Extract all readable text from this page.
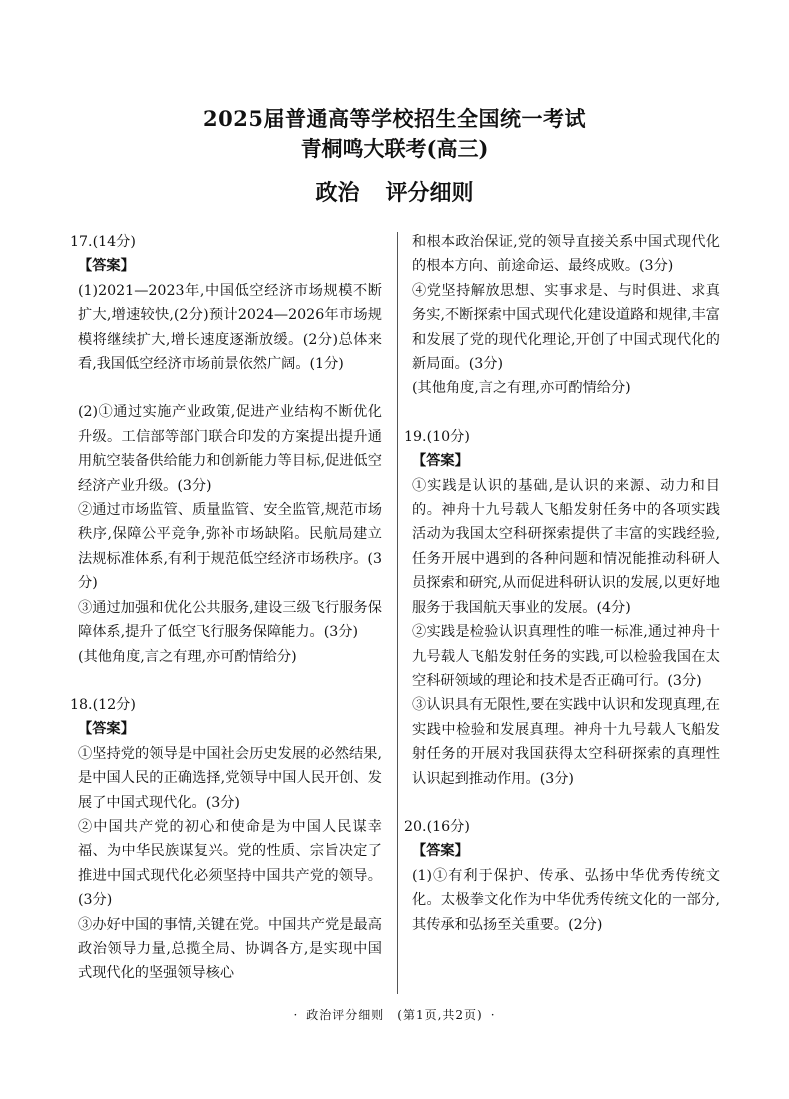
2025届普通高等学校招生全国统一考试
青桐鸣大联考(高三)
政治 评分细则
17.(14分)
【答案】
(1)2021—2023年,中国低空经济市场规模不断扩大,增速较快,(2分)预计2024—2026年市场规模将继续扩大,增长速度逐渐放缓。(2分)总体来看,我国低空经济市场前景依然广阔。(1分)
(2)①通过实施产业政策,促进产业结构不断优化升级。工信部等部门联合印发的方案提出提升通用航空装备供给能力和创新能力等目标,促进低空经济产业升级。(3分)
②通过市场监管、质量监管、安全监管,规范市场秩序,保障公平竞争,弥补市场缺陷。民航局建立法规标准体系,有利于规范低空经济市场秩序。(3分)
③通过加强和优化公共服务,建设三级飞行服务保障体系,提升了低空飞行服务保障能力。(3分)
(其他角度,言之有理,亦可酌情给分)
18.(12分)
【答案】
①坚持党的领导是中国社会历史发展的必然结果,是中国人民的正确选择,党领导中国人民开创、发展了中国式现代化。(3分)
②中国共产党的初心和使命是为中国人民谋幸福、为中华民族谋复兴。党的性质、宗旨决定了推进中国式现代化必须坚持中国共产党的领导。(3分)
③办好中国的事情,关键在党。中国共产党是最高政治领导力量,总揽全局、协调各方,是实现中国式现代化的坚强领导核心
和根本政治保证,党的领导直接关系中国式现代化的根本方向、前途命运、最终成败。(3分)
④党坚持解放思想、实事求是、与时俱进、求真务实,不断探索中国式现代化建设道路和规律,丰富和发展了党的现代化理论,开创了中国式现代化的新局面。(3分)
(其他角度,言之有理,亦可酌情给分)
19.(10分)
【答案】
①实践是认识的基础,是认识的来源、动力和目的。神舟十九号载人飞船发射任务中的各项实践活动为我国太空科研探索提供了丰富的实践经验,任务开展中遇到的各种问题和情况能推动科研人员探索和研究,从而促进科研认识的发展,以更好地服务于我国航天事业的发展。(4分)
②实践是检验认识真理性的唯一标准,通过神舟十九号载人飞船发射任务的实践,可以检验我国在太空科研领域的理论和技术是否正确可行。(3分)
③认识具有无限性,要在实践中认识和发现真理,在实践中检验和发展真理。神舟十九号载人飞船发射任务的开展对我国获得太空科研探索的真理性认识起到推动作用。(3分)
20.(16分)
【答案】
(1)①有利于保护、传承、弘扬中华优秀传统文化。太极拳文化作为中华优秀传统文化的一部分,其传承和弘扬至关重要。(2分)
· 政治评分细则　(第1页,共2页) ·
